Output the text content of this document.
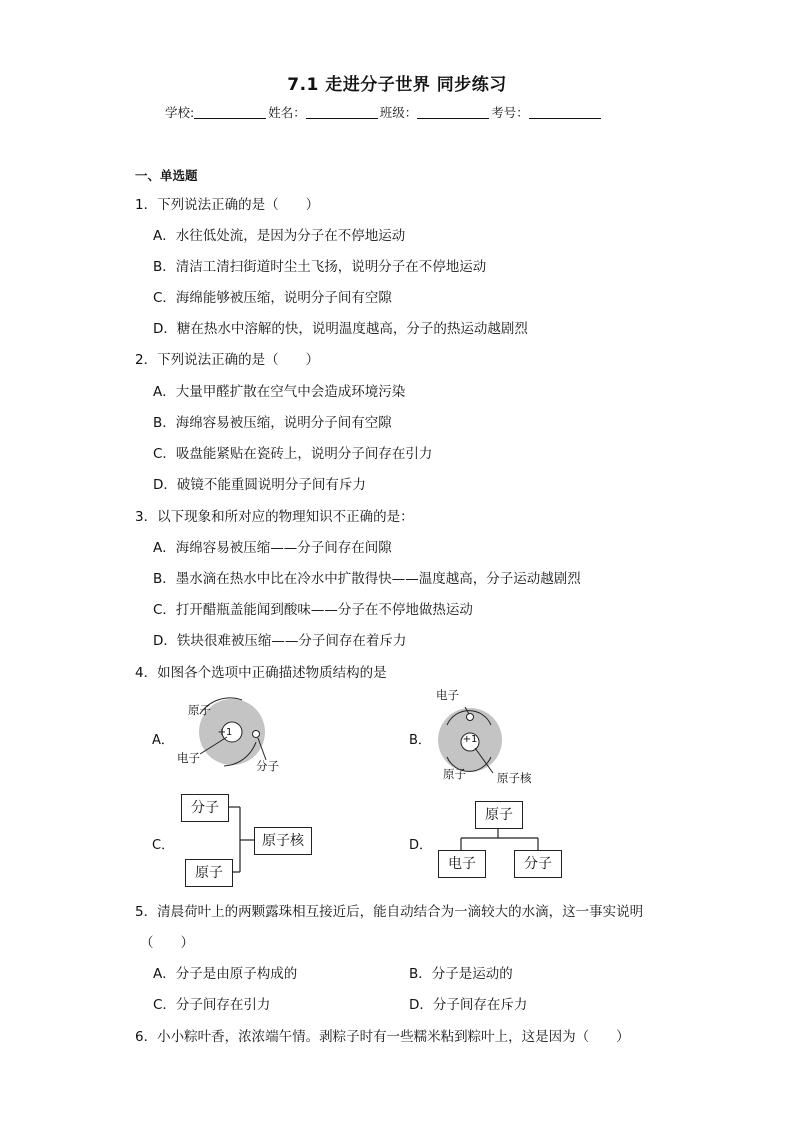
7.1 走进分子世界 同步练习
学校:	姓名：	班级：	考号：
一、单选题
1．下列说法正确的是（　　）
A．水往低处流，是因为分子在不停地运动
B．清洁工清扫街道时尘土飞扬，说明分子在不停地运动
C．海绵能够被压缩，说明分子间有空隙
D．糖在热水中溶解的快，说明温度越高，分子的热运动越剧烈
2．下列说法正确的是（　　）
A．大量甲醛扩散在空气中会造成环境污染
B．海绵容易被压缩，说明分子间有空隙
C．吸盘能紧贴在瓷砖上，说明分子间存在引力
D．破镜不能重圆说明分子间有斥力
3．以下现象和所对应的物理知识不正确的是：
A．海绵容易被压缩——分子间存在间隙
B．墨水滴在热水中比在冷水中扩散得快——温度越高，分子运动越剧烈
C．打开醋瓶盖能闻到酸味——分子在不停地做热运动
D．铁块很难被压缩——分子间存在着斥力
4．如图各个选项中正确描述物质结构的是
A．
+1
原子
电子
分子
B．	+1
电子
原子	原子核
C．
分子
原子
原子核	D．
原子
电子	分子
5．清晨荷叶上的两颗露珠相互接近后，能自动结合为一滴较大的水滴，这一事实说明
（　　）
A．分子是由原子构成的	B．分子是运动的
C．分子间存在引力	D．分子间存在斥力
6．小小粽叶香，浓浓端午情。剥粽子时有一些糯米粘到粽叶上，这是因为（　　）
